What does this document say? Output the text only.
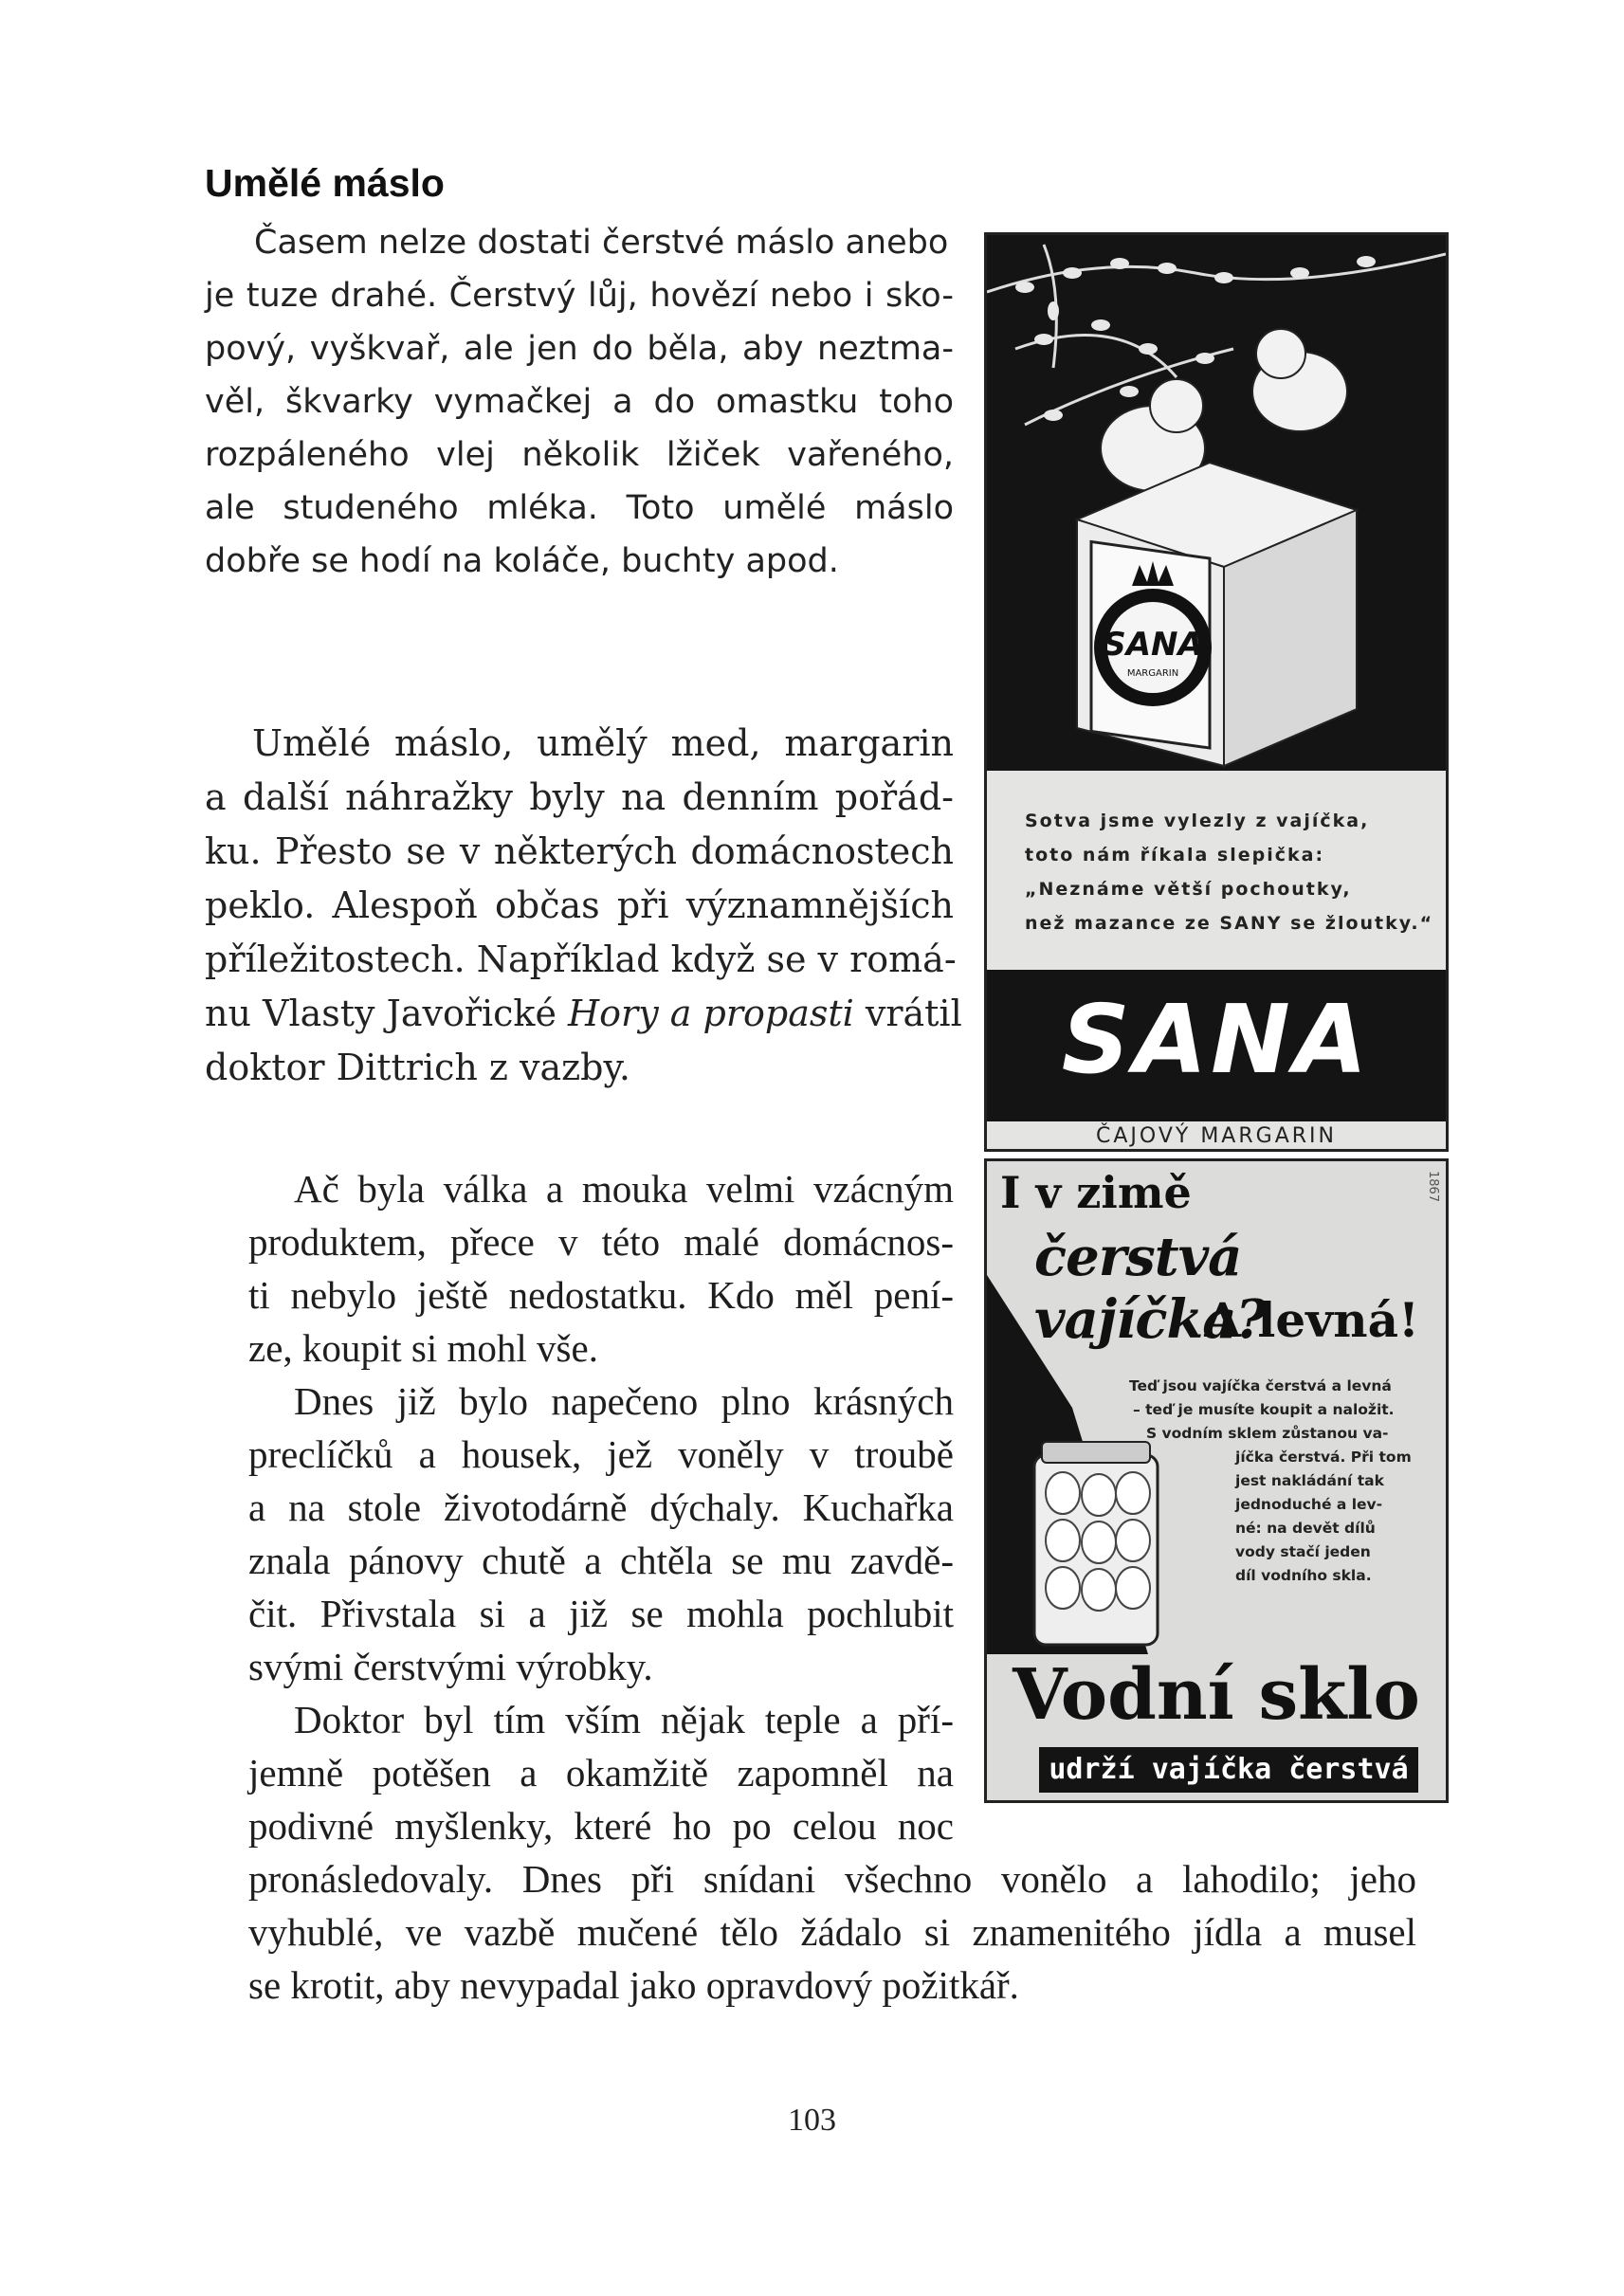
Umělé máslo
Časem nelze dostati čerstvé máslo anebo
je tuze drahé. Čerstvý lůj, hovězí nebo i sko-
pový, vyškvař, ale jen do běla, aby neztma-
věl, škvarky vymačkej a do omastku toho
rozpáleného vlej několik lžiček vařeného,
ale studeného mléka. Toto umělé máslo
dobře se hodí na koláče, buchty apod.
Umělé máslo, umělý med, margarin
a další náhražky byly na denním pořád-
ku. Přesto se v některých domácnostech
peklo. Alespoň občas při významnějších
příležitostech. Například když se v romá-
nu Vlasty Javořické Hory a propasti vrátil
doktor Dittrich z vazby.
Ač byla válka a mouka velmi vzácným
produktem, přece v této malé domácnos-
ti nebylo ještě nedostatku. Kdo měl pení-
ze, koupit si mohl vše.
Dnes již bylo napečeno plno krásných
preclíčků a housek, jež voněly v troubě
a na stole životodárně dýchaly. Kuchařka
znala pánovy chutě a chtěla se mu zavdě-
čit. Přivstala si a již se mohla pochlubit
svými čerstvými výrobky.
Doktor byl tím vším nějak teple a pří-
jemně potěšen a okamžitě zapomněl na
podivné myšlenky, které ho po celou noc
pronásledovaly. Dnes při snídani všechno vonělo a lahodilo; jeho
vyhublé, ve vazbě mučené tělo žádalo si znamenitého jídla a musel
se krotit, aby nevypadal jako opravdový požitkář.
103
SANA
MARGARIN
Sotva jsme vylezly z vajíčka,
toto nám říkala slepička:
„Neznáme větší pochoutky,
než mazance ze SANY se žloutky.“
SANA
ČAJOVÝ MARGARIN
1867
I v zimě
čerstvá vajíčka?
A levná!
Teď jsou vajíčka čerstvá a levná
– teď je musíte koupit a naložit.
S vodním sklem zůstanou va-
jíčka čerstvá. Při tom
jest nakládání tak
jednoduché a lev-
né: na devět dílů
vody stačí jeden
díl vodního skla.
Vodní sklo
udrží vajíčka čerstvá
